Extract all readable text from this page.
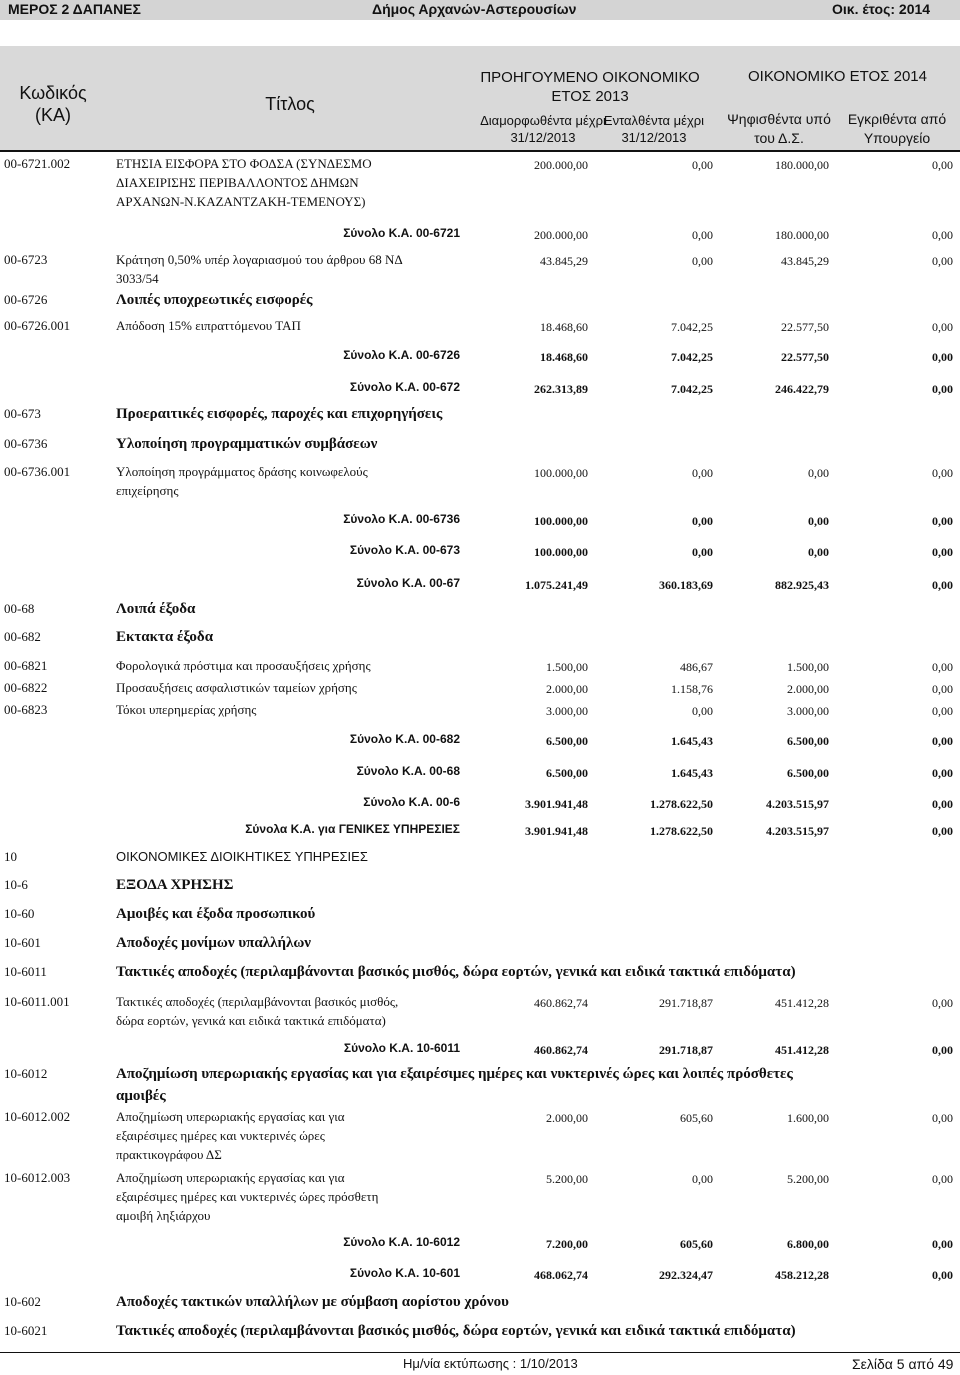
ΜΕΡΟΣ 2 ΔΑΠΑΝΕΣ	Δήμος Αρχανών-Αστερουσίων	Οικ. έτος: 2014
Κωδικός (ΚΑ)
Τίτλος
ΠΡΟΗΓΟΥΜΕΝΟ ΟΙΚΟΝΟΜΙΚΟ ΕΤΟΣ 2013
ΟΙΚΟΝΟΜΙΚΟ ΕΤΟΣ 2014
Διαμορφωθέντα μέχρι 31/12/2013
Ενταλθέντα μέχρι 31/12/2013
Ψηφισθέντα υπό του Δ.Σ.
Εγκριθέντα από Υπουργείο
00-6721.002	ΕΤΗΣΙΑ ΕΙΣΦΟΡΑ ΣΤΟ ΦΟΔΣΑ (ΣΥΝΔΕΣΜΟ
ΔΙΑΧΕΙΡΙΣΗΣ ΠΕΡΙΒΑΛΛΟΝΤΟΣ ΔΗΜΩΝ
ΑΡΧΑΝΩΝ-Ν.ΚΑΖΑΝΤΖΑΚΗ-ΤΕΜΕΝΟΥΣ)
200.000,00	0,00	180.000,00	0,00
Σύνολο Κ.Α. 00-6721	200.000,00	0,00	180.000,00	0,00
00-6723	Κράτηση 0,50% υπέρ λογαριασμού του άρθρου 68 ΝΔ
3033/54
43.845,29	0,00	43.845,29	0,00
00-6726	Λοιπές υποχρεωτικές εισφορές
00-6726.001	Απόδοση 15% ειπραττόμενου ΤΑΠ	18.468,60	7.042,25	22.577,50	0,00
Σύνολο Κ.Α. 00-6726	18.468,60	7.042,25	22.577,50	0,00
Σύνολο Κ.Α. 00-672	262.313,89	7.042,25	246.422,79	0,00
00-673	Προεραιτικές εισφορές, παροχές και επιχορηγήσεις
00-6736	Υλοποίηση προγραμματικών συμβάσεων
00-6736.001	Υλοποίηση προγράμματος δράσης κοινωφελούς
επιχείρησης
100.000,00	0,00	0,00	0,00
Σύνολο Κ.Α. 00-6736	100.000,00	0,00	0,00	0,00
Σύνολο Κ.Α. 00-673	100.000,00	0,00	0,00	0,00
Σύνολο Κ.Α. 00-67	1.075.241,49	360.183,69	882.925,43	0,00
00-68	Λοιπά έξοδα
00-682	Εκτακτα έξοδα
00-6821	Φορολογικά πρόστιμα και προσαυξήσεις χρήσης	1.500,00	486,67	1.500,00	0,00
00-6822	Προσαυξήσεις ασφαλιστικών ταμείων χρήσης	2.000,00	1.158,76	2.000,00	0,00
00-6823	Τόκοι υπερημερίας χρήσης	3.000,00	0,00	3.000,00	0,00
Σύνολο Κ.Α. 00-682	6.500,00	1.645,43	6.500,00	0,00
Σύνολο Κ.Α. 00-68	6.500,00	1.645,43	6.500,00	0,00
Σύνολο Κ.Α. 00-6	3.901.941,48	1.278.622,50	4.203.515,97	0,00
Σύνολα Κ.Α. για ΓΕΝΙΚΕΣ ΥΠΗΡΕΣΙΕΣ	3.901.941,48	1.278.622,50	4.203.515,97	0,00
10	ΟΙΚΟΝΟΜΙΚΕΣ ΔΙΟΙΚΗΤΙΚΕΣ ΥΠΗΡΕΣΙΕΣ
10-6	ΕΞΟΔΑ ΧΡΗΣΗΣ
10-60	Αμοιβές και έξοδα προσωπικού
10-601	Αποδοχές μονίμων υπαλλήλων
10-6011	Τακτικές αποδοχές (περιλαμβάνονται βασικός μισθός, δώρα εορτών, γενικά και ειδικά τακτικά επιδόματα)
10-6011.001	Τακτικές αποδοχές (περιλαμβάνονται βασικός μισθός,
δώρα εορτών, γενικά και ειδικά τακτικά επιδόματα)
460.862,74	291.718,87	451.412,28	0,00
Σύνολο Κ.Α. 10-6011	460.862,74	291.718,87	451.412,28	0,00
10-6012	Αποζημίωση υπερωριακής εργασίας και για εξαιρέσιμες ημέρες και νυκτερινές ώρες και λοιπές πρόσθετες
αμοιβές
10-6012.002	Αποζημίωση υπερωριακής εργασίας και για
εξαιρέσιμες ημέρες και νυκτερινές ώρες
πρακτικογράφου ΔΣ
2.000,00	605,60	1.600,00	0,00
10-6012.003	Αποζημίωση υπερωριακής εργασίας και για
εξαιρέσιμες ημέρες και νυκτερινές ώρες πρόσθετη
αμοιβή ληξιάρχου
5.200,00	0,00	5.200,00	0,00
Σύνολο Κ.Α. 10-6012	7.200,00	605,60	6.800,00	0,00
Σύνολο Κ.Α. 10-601	468.062,74	292.324,47	458.212,28	0,00
10-602	Αποδοχές τακτικών υπαλλήλων με σύμβαση αορίστου χρόνου
10-6021	Τακτικές αποδοχές (περιλαμβάνονται βασικός μισθός, δώρα εορτών, γενικά και ειδικά τακτικά επιδόματα)
Ημ/νία εκτύπωσης : 1/10/2013	Σελίδα 5 από 49
